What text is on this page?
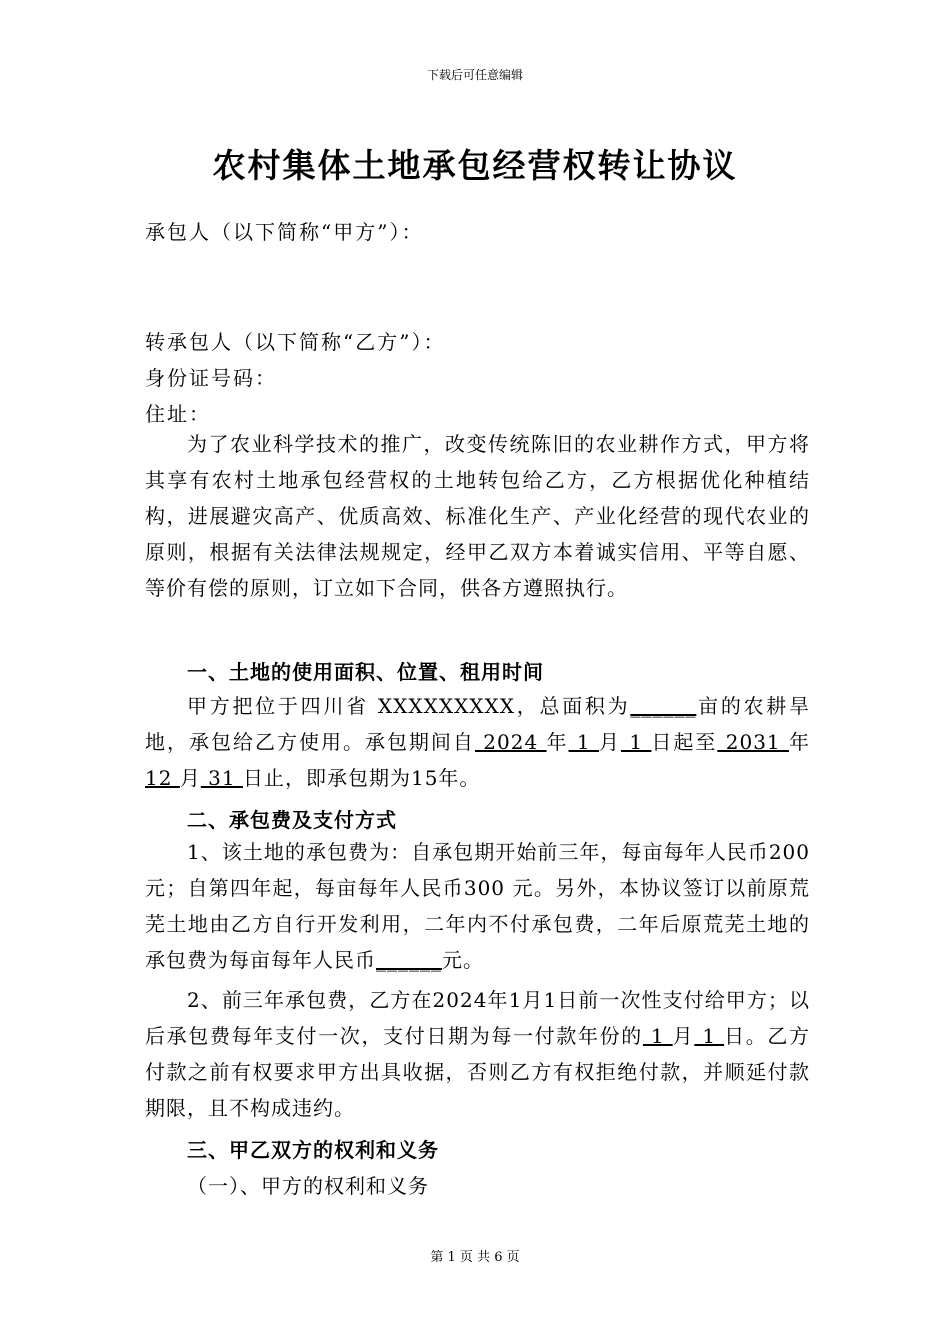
下载后可任意编辑
农村集体土地承包经营权转让协议
承包人（以下简称“甲方”）：
转承包人（以下简称“乙方”）：
身份证号码：
住址：
为了农业科学技术的推广，改变传统陈旧的农业耕作方式，甲方将其享有农村土地承包经营权的土地转包给乙方，乙方根据优化种植结构，进展避灾高产、优质高效、标准化生产、产业化经营的现代农业的原则，根据有关法律法规规定，经甲乙双方本着诚实信用、平等自愿、等价有偿的原则，订立如下合同，供各方遵照执行。
一、土地的使用面积、位置、租用时间
甲方把位于四川省 XXXXXXXXX，总面积为______亩的农耕旱地，承包给乙方使用。承包期间自 2024 年 1 月 1 日起至 2031 年 12 月 31 日止，即承包期为15年。
二、承包费及支付方式
1、该土地的承包费为：自承包期开始前三年，每亩每年人民币200元；自第四年起，每亩每年人民币300 元。另外，本协议签订以前原荒芜土地由乙方自行开发利用，二年内不付承包费，二年后原荒芜土地的承包费为每亩每年人民币______元。
2、前三年承包费，乙方在2024年1月1日前一次性支付给甲方；以后承包费每年支付一次，支付日期为每一付款年份的 1 月 1 日。乙方付款之前有权要求甲方出具收据，否则乙方有权拒绝付款，并顺延付款期限，且不构成违约。
三、甲乙双方的权利和义务
（一）、甲方的权利和义务
第 1 页 共 6 页
